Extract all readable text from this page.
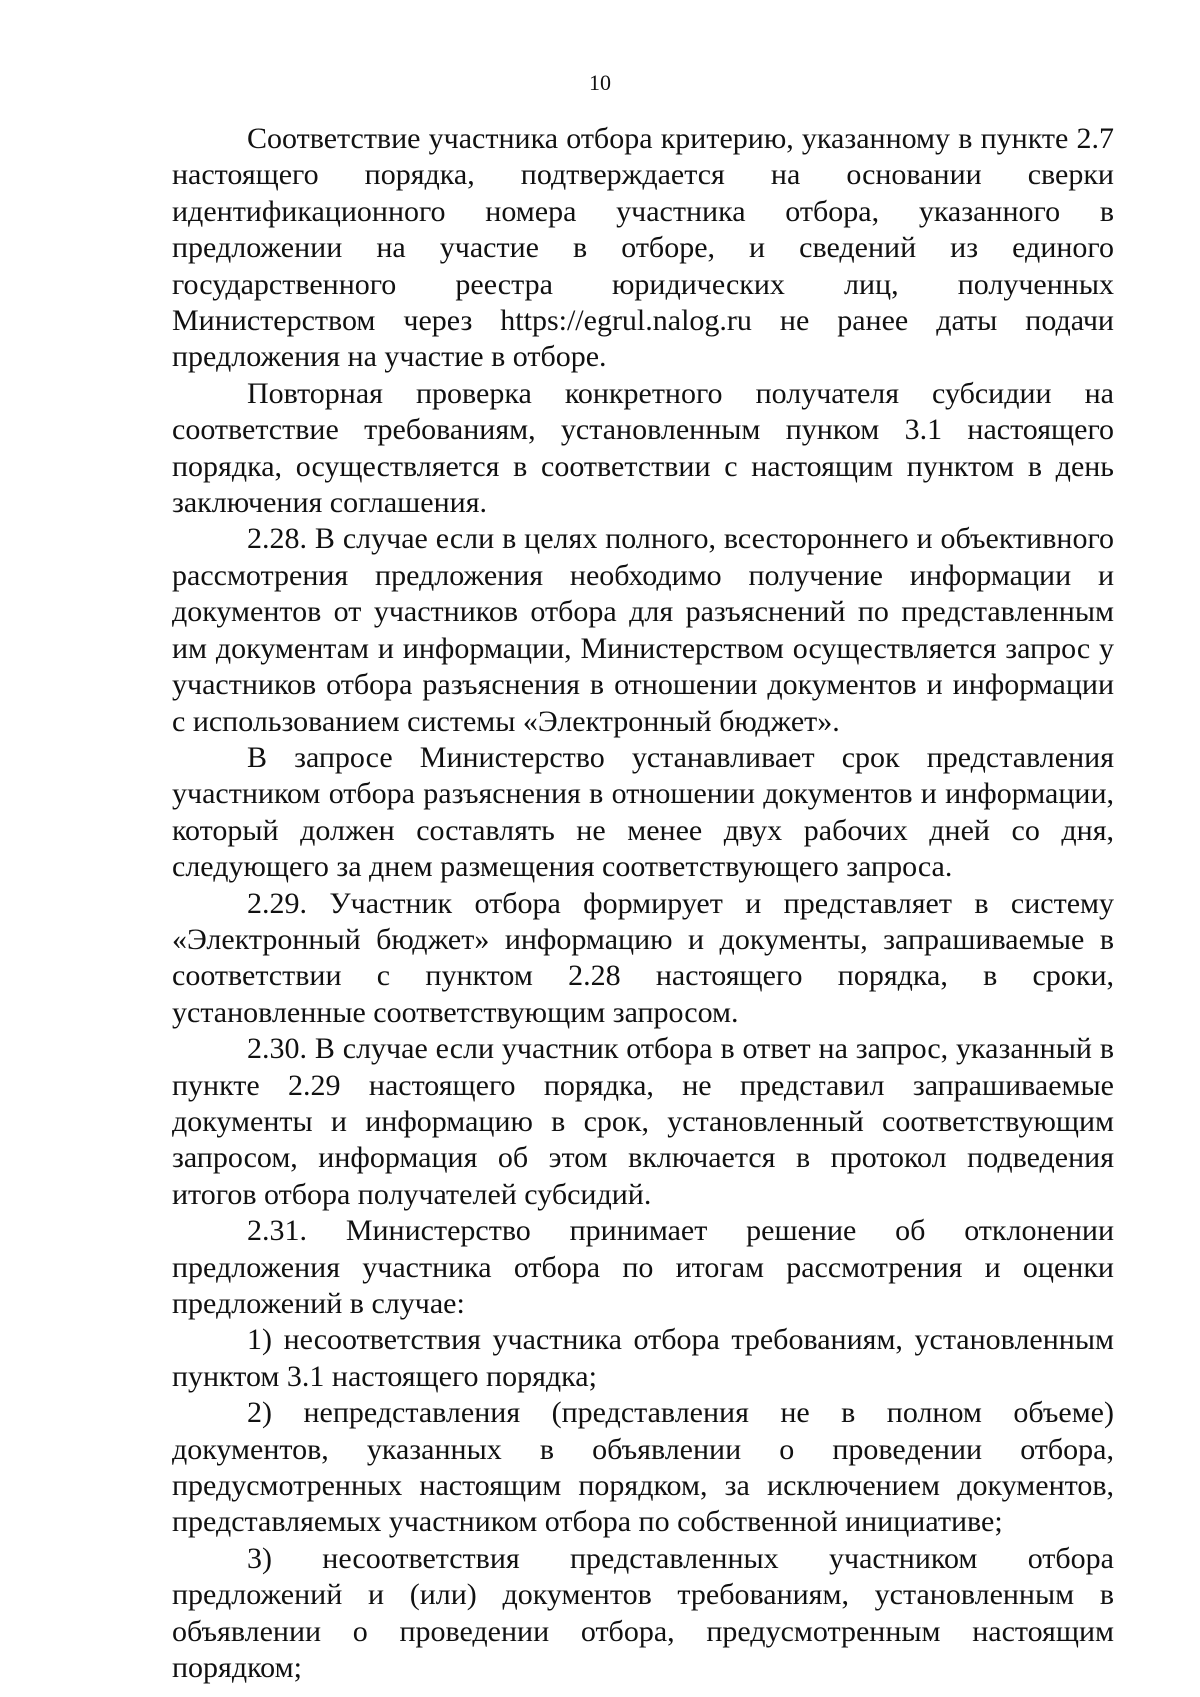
10

Соответствие участника отбора критерию, указанному в пункте 2.7 настоящего порядка, подтверждается на основании сверки идентификационного номера участника отбора, указанного в предложении на участие в отборе, и сведений из единого государственного реестра юридических лиц, полученных Министерством через https://egrul.nalog.ru не ранее даты подачи предложения на участие в отборе.

Повторная проверка конкретного получателя субсидии на соответствие требованиям, установленным пунком 3.1 настоящего порядка, осуществляется в соответствии с настоящим пунктом в день заключения соглашения.

2.28. В случае если в целях полного, всестороннего и объективного рассмотрения предложения необходимо получение информации и документов от участников отбора для разъяснений по представленным им документам и информации, Министерством осуществляется запрос у участников отбора разъяснения в отношении документов и информации с использованием системы «Электронный бюджет».

В запросе Министерство устанавливает срок представления участником отбора разъяснения в отношении документов и информации, который должен составлять не менее двух рабочих дней со дня, следующего за днем размещения соответствующего запроса.

2.29. Участник отбора формирует и представляет в систему «Электронный бюджет» информацию и документы, запрашиваемые в соответствии с пунктом 2.28 настоящего порядка, в сроки, установленные соответствующим запросом.

2.30. В случае если участник отбора в ответ на запрос, указанный в пункте 2.29 настоящего порядка, не представил запрашиваемые документы и информацию в срок, установленный соответствующим запросом, информация об этом включается в протокол подведения итогов отбора получателей субсидий.

2.31. Министерство принимает решение об отклонении предложения участника отбора по итогам рассмотрения и оценки предложений в случае:

1) несоответствия участника отбора требованиям, установленным пунктом 3.1 настоящего порядка;

2) непредставления (представления не в полном объеме) документов, указанных в объявлении о проведении отбора, предусмотренных настоящим порядком, за исключением документов, представляемых участником отбора по собственной инициативе;

3) несоответствия представленных участником отбора предложений и (или) документов требованиям, установленным в объявлении о проведении отбора, предусмотренным настоящим порядком;
